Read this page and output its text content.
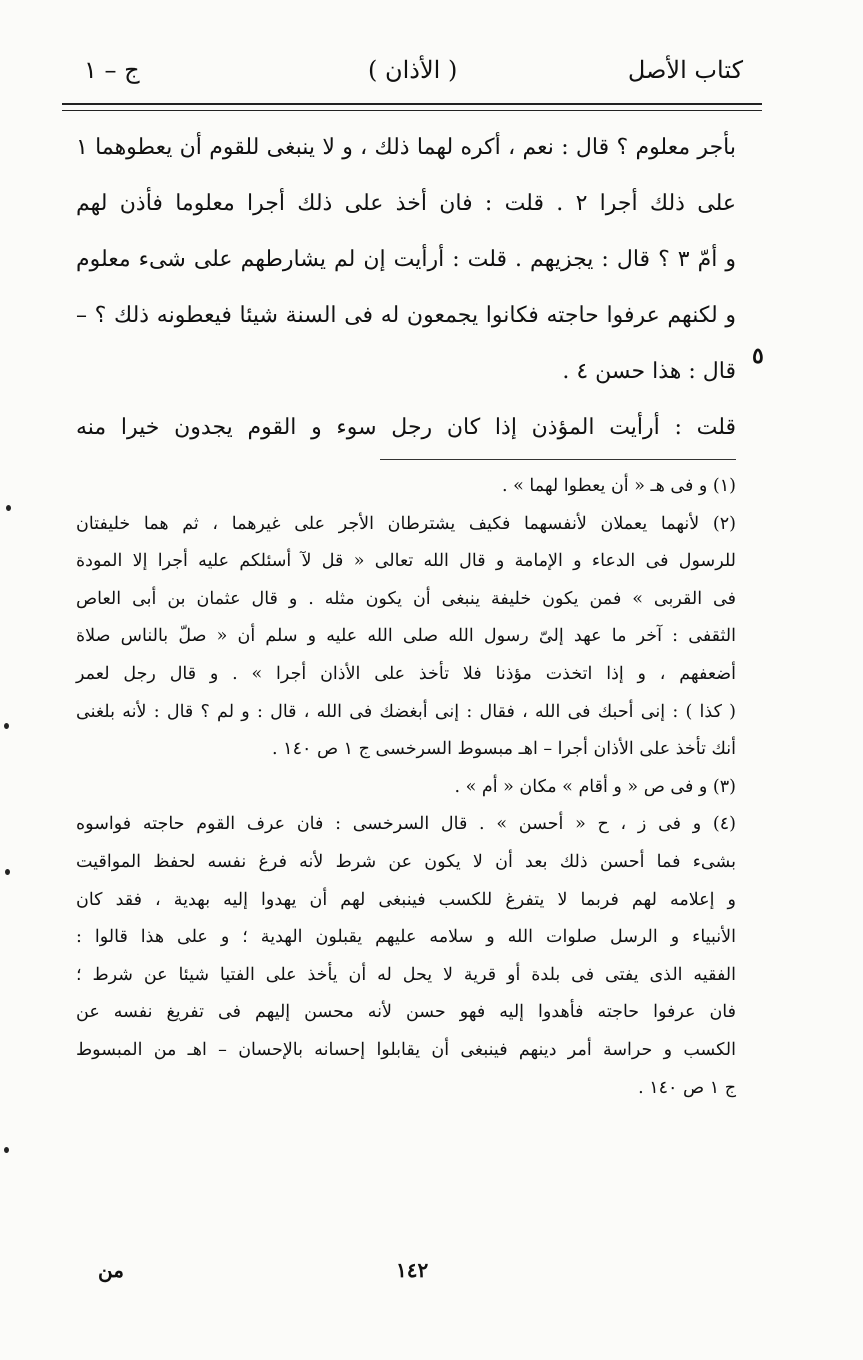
كتاب الأصل
( الأذان )
ج – ١
بأجر معلوم ؟ قال : نعم ، أكره لهما ذلك ، و لا ينبغى للقوم أن يعطوهما ١
على ذلك أجرا ٢ . قلت : فان أخذ على ذلك أجرا معلوما فأذن لهم
و أمّ ٣ ؟ قال : يجزيهم . قلت : أرأيت إن لم يشارطهم على شىء معلوم
و لكنهم عرفوا حاجته فكانوا يجمعون له فى السنة شيئا فيعطونه ذلك ؟ –
قال : هذا حسن ٤ .
قلت : أرأيت المؤذن إذا كان رجل سوء و القوم يجدون خيرا منه
٥
(١) و فى هـ « أن يعطوا لهما » .
(٢) لأنهما يعملان لأنفسهما فكيف يشترطان الأجر على غيرهما ، ثم هما خليفتان
للرسول فى الدعاء و الإمامة و قال الله تعالى « قل لآ أسئلكم عليه أجرا إلا المودة
فى القربى » فمن يكون خليفة ينبغى أن يكون مثله . و قال عثمان بن أبى العاص
الثقفى : آخر ما عهد إلىّ رسول الله صلى الله عليه و سلم أن « صلّ بالناس صلاة
أضعفهم ، و إذا اتخذت مؤذنا فلا تأخذ على الأذان أجرا » . و قال رجل لعمر
( كذا ) : إنى أحبك فى الله ، فقال : إنى أبغضك فى الله ، قال : و لم ؟ قال : لأنه بلغنى
أنك تأخذ على الأذان أجرا – اهـ مبسوط السرخسى ج ١ ص ١٤٠ .
(٣) و فى ص « و أقام » مكان « أم » .
(٤) و فى ز ، ح « أحسن » . قال السرخسى : فان عرف القوم حاجته فواسوه
بشىء فما أحسن ذلك بعد أن لا يكون عن شرط لأنه فرغ نفسه لحفظ المواقيت
و إعلامه لهم فربما لا يتفرغ للكسب فينبغى لهم أن يهدوا إليه بهدية ، فقد كان
الأنبياء و الرسل صلوات الله و سلامه عليهم يقبلون الهدية ؛ و على هذا قالوا :
الفقيه الذى يفتى فى بلدة أو قرية لا يحل له أن يأخذ على الفتيا شيئا عن شرط ؛
فان عرفوا حاجته فأهدوا إليه فهو حسن لأنه محسن إليهم فى تفريغ نفسه عن
الكسب و حراسة أمر دينهم فينبغى أن يقابلوا إحسانه بالإحسان – اهـ من المبسوط
ج ١ ص ١٤٠ .
١٤٢
من
